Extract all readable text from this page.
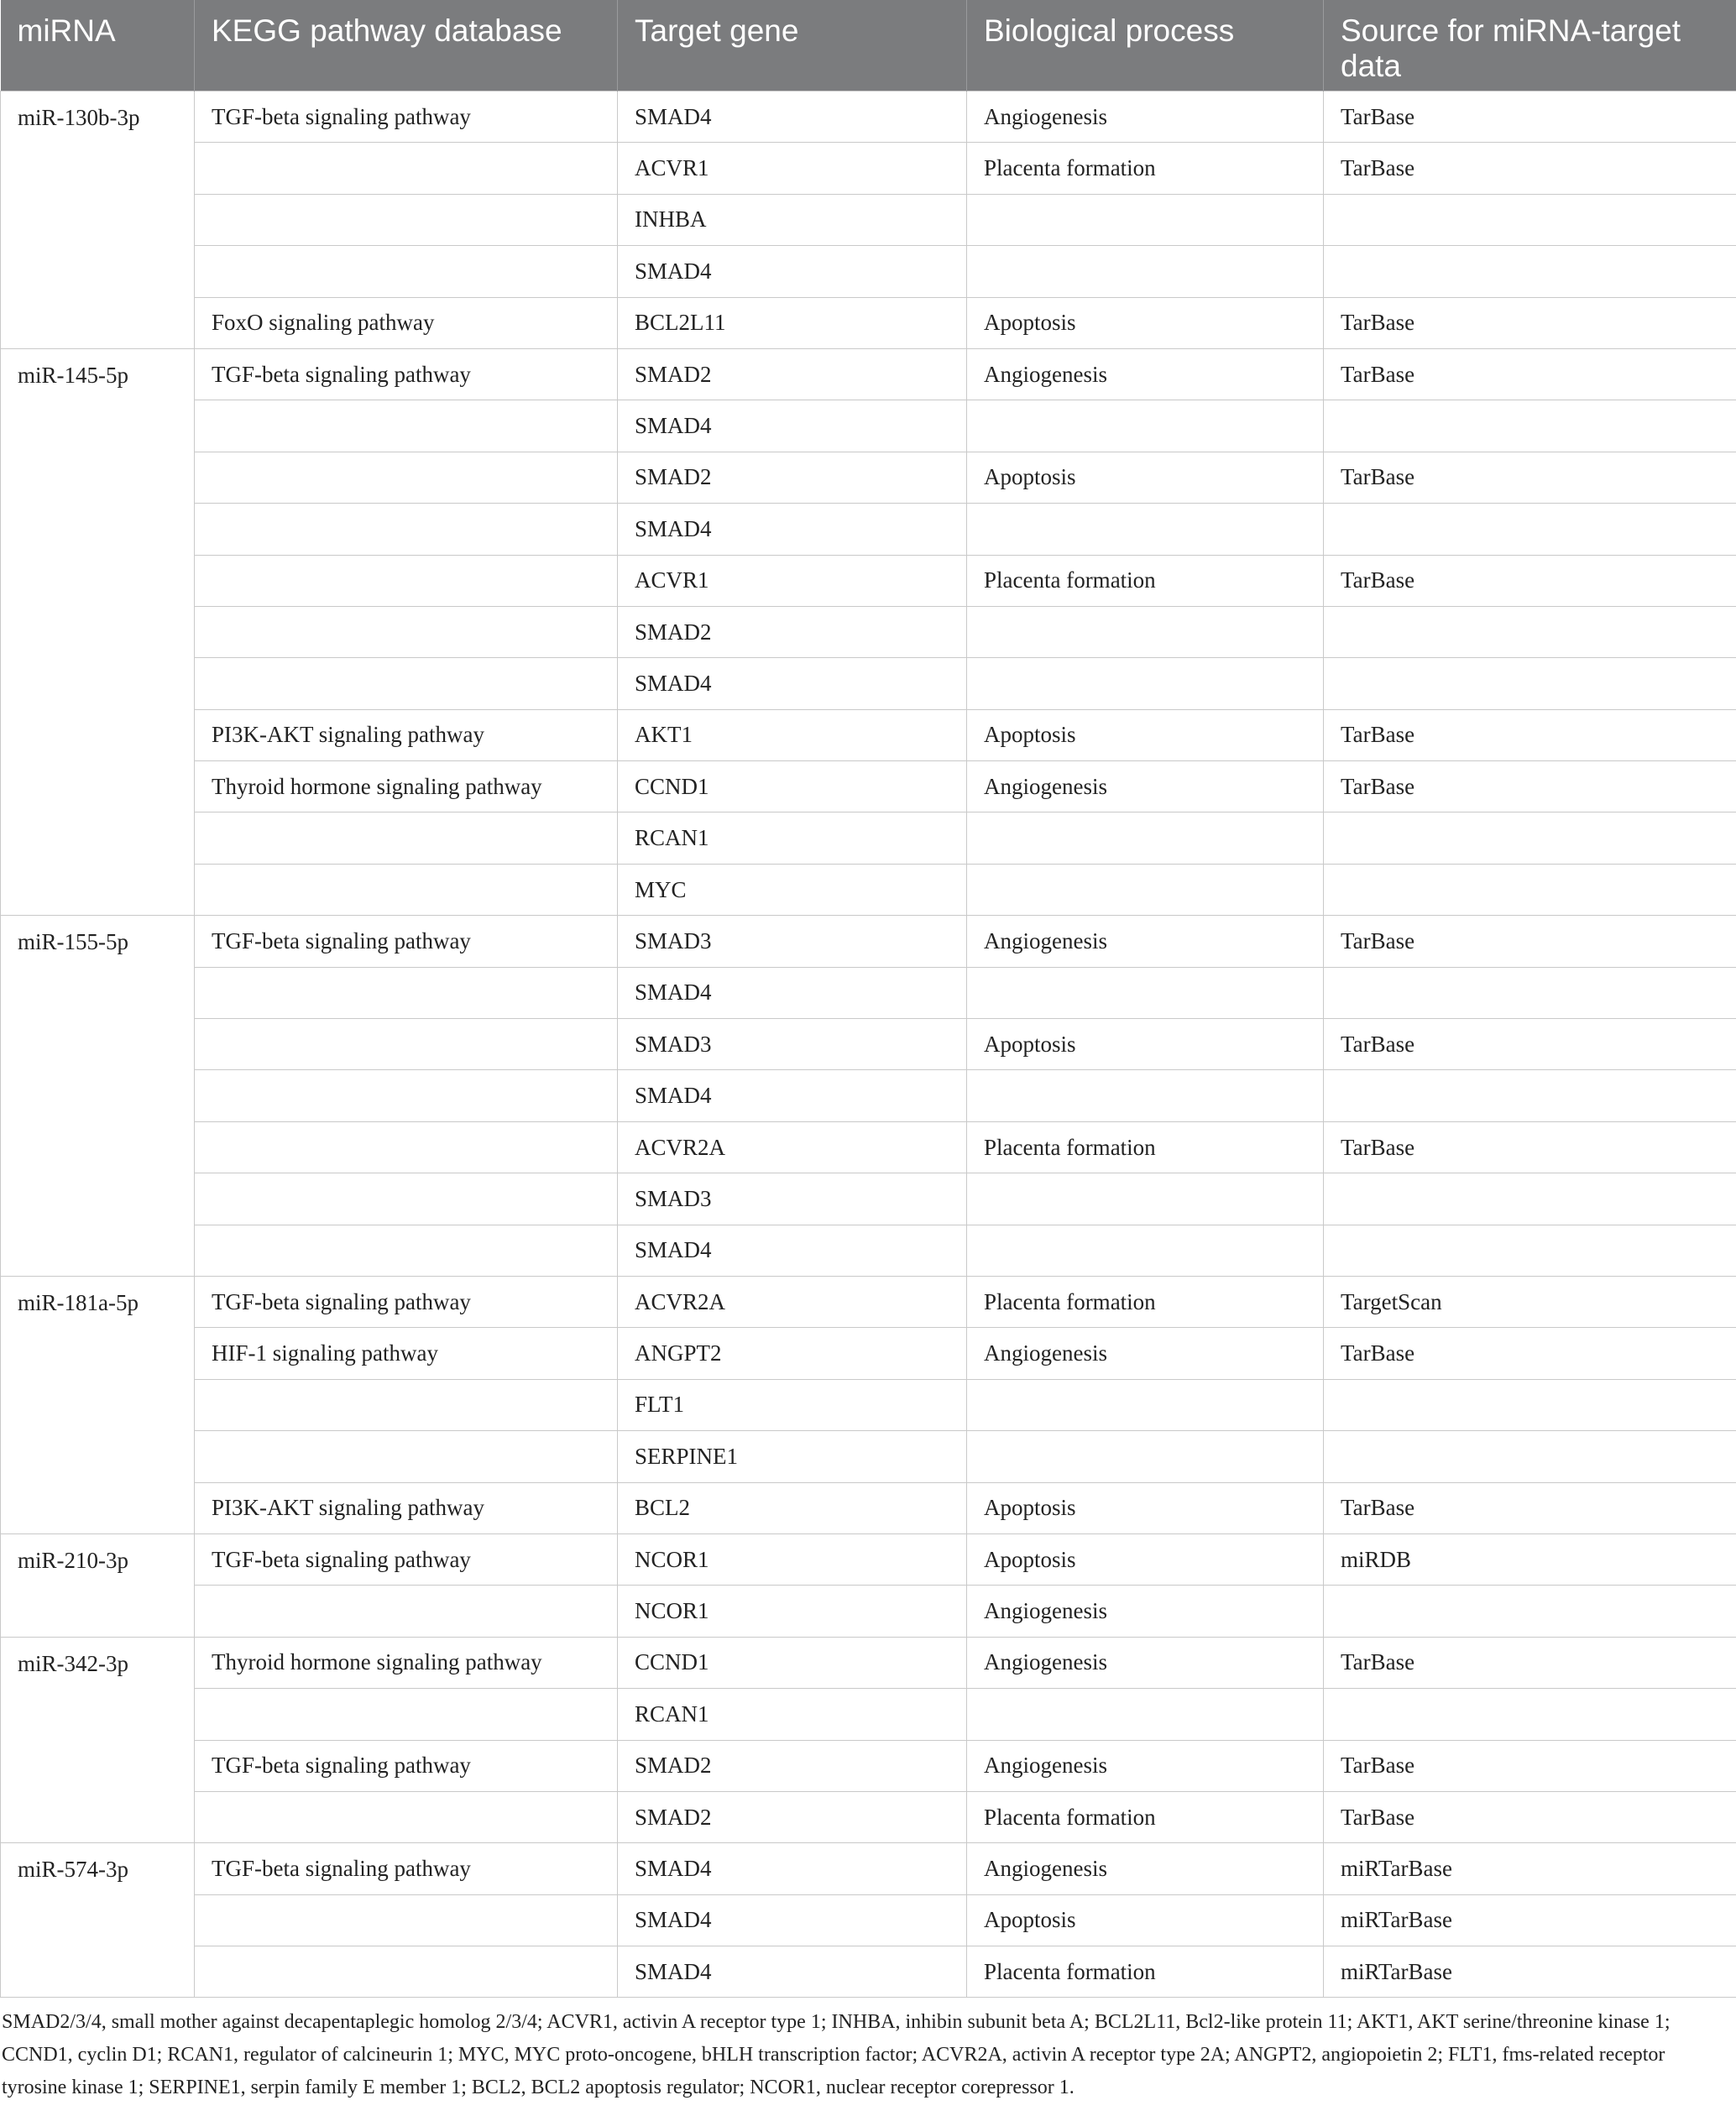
miRNA	KEGG pathway database	Target gene	Biological process	Source for miRNA-target data
miR-130b-3p	TGF-beta signaling pathway	SMAD4	Angiogenesis	TarBase
		ACVR1	Placenta formation	TarBase
		INHBA		
		SMAD4		
	FoxO signaling pathway	BCL2L11	Apoptosis	TarBase
miR-145-5p	TGF-beta signaling pathway	SMAD2	Angiogenesis	TarBase
		SMAD4		
		SMAD2	Apoptosis	TarBase
		SMAD4		
		ACVR1	Placenta formation	TarBase
		SMAD2		
		SMAD4		
	PI3K-AKT signaling pathway	AKT1	Apoptosis	TarBase
	Thyroid hormone signaling pathway	CCND1	Angiogenesis	TarBase
		RCAN1		
		MYC		
miR-155-5p	TGF-beta signaling pathway	SMAD3	Angiogenesis	TarBase
		SMAD4		
		SMAD3	Apoptosis	TarBase
		SMAD4		
		ACVR2A	Placenta formation	TarBase
		SMAD3		
		SMAD4		
miR-181a-5p	TGF-beta signaling pathway	ACVR2A	Placenta formation	TargetScan
	HIF-1 signaling pathway	ANGPT2	Angiogenesis	TarBase
		FLT1		
		SERPINE1		
	PI3K-AKT signaling pathway	BCL2	Apoptosis	TarBase
miR-210-3p	TGF-beta signaling pathway	NCOR1	Apoptosis	miRDB
		NCOR1	Angiogenesis	
miR-342-3p	Thyroid hormone signaling pathway	CCND1	Angiogenesis	TarBase
		RCAN1		
	TGF-beta signaling pathway	SMAD2	Angiogenesis	TarBase
		SMAD2	Placenta formation	TarBase
miR-574-3p	TGF-beta signaling pathway	SMAD4	Angiogenesis	miRTarBase
		SMAD4	Apoptosis	miRTarBase
		SMAD4	Placenta formation	miRTarBase
SMAD2/3/4, small mother against decapentaplegic homolog 2/3/4; ACVR1, activin A receptor type 1; INHBA, inhibin subunit beta A; BCL2L11, Bcl2-like protein 11; AKT1, AKT serine/threonine kinase 1; CCND1, cyclin D1; RCAN1, regulator of calcineurin 1; MYC, MYC proto-oncogene, bHLH transcription factor; ACVR2A, activin A receptor type 2A; ANGPT2, angiopoietin 2; FLT1, fms-related receptor tyrosine kinase 1; SERPINE1, serpin family E member 1; BCL2, BCL2 apoptosis regulator; NCOR1, nuclear receptor corepressor 1.
